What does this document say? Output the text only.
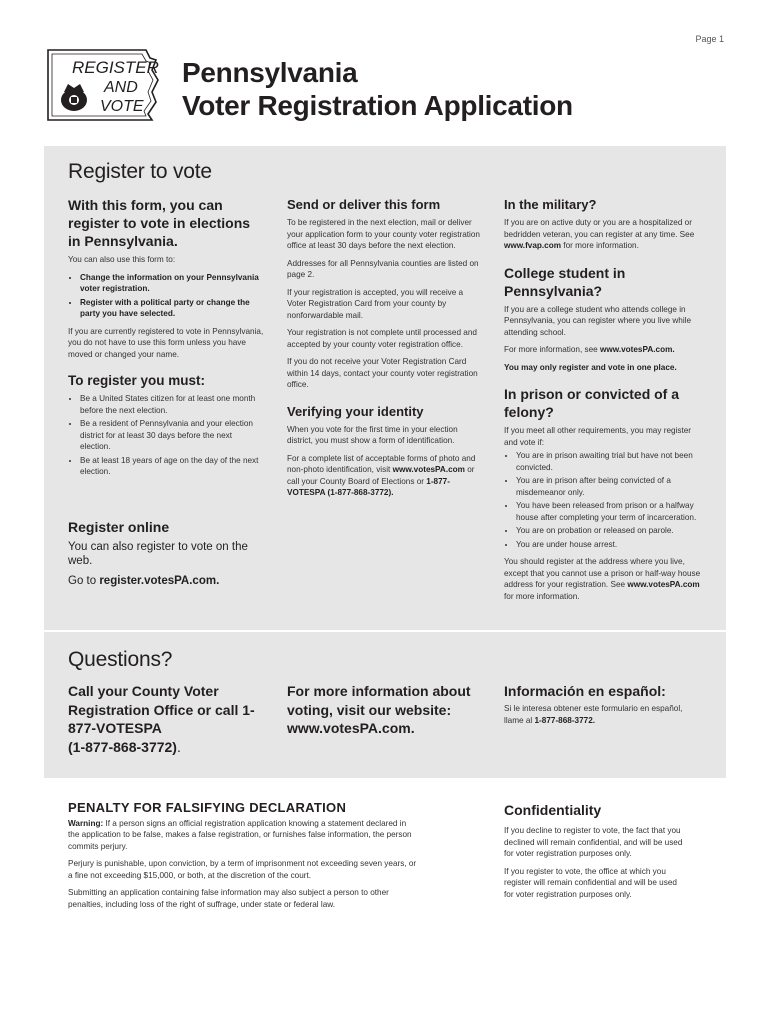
Page 1
REGISTER
AND
VOTE
Pennsylvania
Voter Registration Application
Register to vote
With this form, you can register to vote in elections in Pennsylvania.

You can also use this form to:

• Change the information on your Pennsylvania voter registration.
• Register with a political party or change the party you have selected.

If you are currently registered to vote in Pennsylvania, you do not have to use this form unless you have moved or changed your name.

To register you must:
• Be a United States citizen for at least one month before the next election.
• Be a resident of Pennsylvania and your election district for at least 30 days before the next election.
• Be at least 18 years of age on the day of the next election.
Register online
You can also register to vote on the web.
Go to register.votesPA.com.
Send or deliver this form

To be registered in the next election, mail or deliver your application form to your county voter registration office at least 30 days before the next election.

Addresses for all Pennsylvania counties are listed on page 2.

If your registration is accepted, you will receive a Voter Registration Card from your county by nonforwardable mail.

Your registration is not complete until processed and accepted by your county voter registration office.

If you do not receive your Voter Registration Card within 14 days, contact your county voter registration office.

Verifying your identity

When you vote for the first time in your election district, you must show a form of identification.

For a complete list of acceptable forms of photo and non-photo identification, visit www.votesPA.com or call your County Board of Elections or 1-877-VOTESPA (1-877-868-3772).

In the military?

If you are on active duty or you are a hospitalized or bedridden veteran, you can register at any time. See www.fvap.com for more information.

College student in Pennsylvania?

If you are a college student who attends college in Pennsylvania, you can register where you live while attending school.

For more information, see www.votesPA.com.

You may only register and vote in one place.

In prison or convicted of a felony?

If you meet all other requirements, you may register and vote if:

• You are in prison awaiting trial but have not been convicted.
• You are in prison after being convicted of a misdemeanor only.
• You have been released from prison or a halfway house after completing your term of incarceration.
• You are on probation or released on parole.
• You are under house arrest.

You should register at the address where you live, except that you cannot use a prison or half-way house address for your registration. See www.votesPA.com for more information.

Questions?
Call your County Voter Registration Office or call 1-877-VOTESPA
(1-877-868-3772).
For more information about voting, visit our website: www.votesPA.com.
Información en español:
Si le interesa obtener este formulario en español, llame al 1-877-868-3772.
PENALTY FOR FALSIFYING DECLARATION

Warning: If a person signs an official registration application knowing a statement declared in the application to be false, makes a false registration, or furnishes false information, the person commits perjury.

Perjury is punishable, upon conviction, by a term of imprisonment not exceeding seven years, or a fine not exceeding $15,000, or both, at the discretion of the court.

Submitting an application containing false information may also subject a person to other penalties, including loss of the right of suffrage, under state or federal law.

Confidentiality

If you decline to register to vote, the fact that you declined will remain confidential, and will be used for voter registration purposes only.

If you register to vote, the office at which you register will remain confidential and will be used for voter registration purposes only.
